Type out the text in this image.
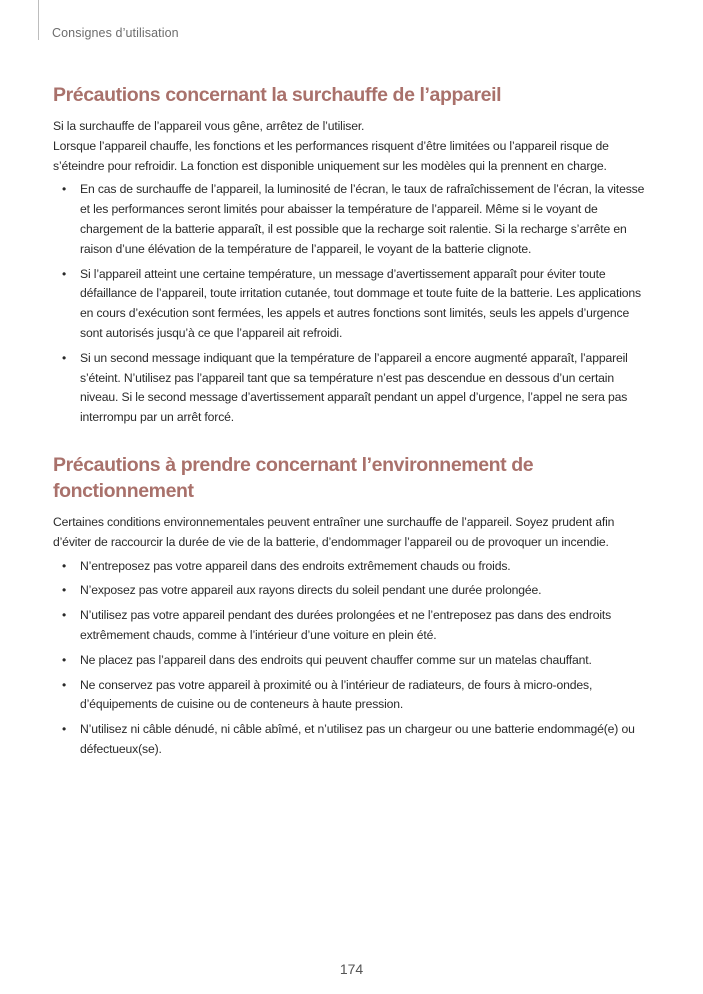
Consignes d’utilisation
Précautions concernant la surchauffe de l’appareil

Si la surchauffe de l’appareil vous gêne, arrêtez de l’utiliser.

Lorsque l’appareil chauffe, les fonctions et les performances risquent d’être limitées ou l’appareil risque de s’éteindre pour refroidir. La fonction est disponible uniquement sur les modèles qui la prennent en charge.

• En cas de surchauffe de l’appareil, la luminosité de l’écran, le taux de rafraîchissement de l’écran, la vitesse et les performances seront limités pour abaisser la température de l’appareil. Même si le voyant de chargement de la batterie apparaît, il est possible que la recharge soit ralentie. Si la recharge s’arrête en raison d’une élévation de la température de l’appareil, le voyant de la batterie clignote.
• Si l’appareil atteint une certaine température, un message d’avertissement apparaît pour éviter toute défaillance de l’appareil, toute irritation cutanée, tout dommage et toute fuite de la batterie. Les applications en cours d’exécution sont fermées, les appels et autres fonctions sont limités, seuls les appels d’urgence sont autorisés jusqu’à ce que l’appareil ait refroidi.
• Si un second message indiquant que la température de l’appareil a encore augmenté apparaît, l’appareil s’éteint. N’utilisez pas l’appareil tant que sa température n’est pas descendue en dessous d’un certain niveau. Si le second message d’avertissement apparaît pendant un appel d’urgence, l’appel ne sera pas interrompu par un arrêt forcé.
Précautions à prendre concernant l’environnement de
fonctionnement

Certaines conditions environnementales peuvent entraîner une surchauffe de l’appareil. Soyez prudent afin d’éviter de raccourcir la durée de vie de la batterie, d’endommager l’appareil ou de provoquer un incendie.

• N’entreposez pas votre appareil dans des endroits extrêmement chauds ou froids.
• N’exposez pas votre appareil aux rayons directs du soleil pendant une durée prolongée.
• N’utilisez pas votre appareil pendant des durées prolongées et ne l’entreposez pas dans des endroits extrêmement chauds, comme à l’intérieur d’une voiture en plein été.
• Ne placez pas l’appareil dans des endroits qui peuvent chauffer comme sur un matelas chauffant.
• Ne conservez pas votre appareil à proximité ou à l’intérieur de radiateurs, de fours à micro-ondes, d’équipements de cuisine ou de conteneurs à haute pression.
• N’utilisez ni câble dénudé, ni câble abîmé, et n’utilisez pas un chargeur ou une batterie endommagé(e) ou défectueux(se).
174
